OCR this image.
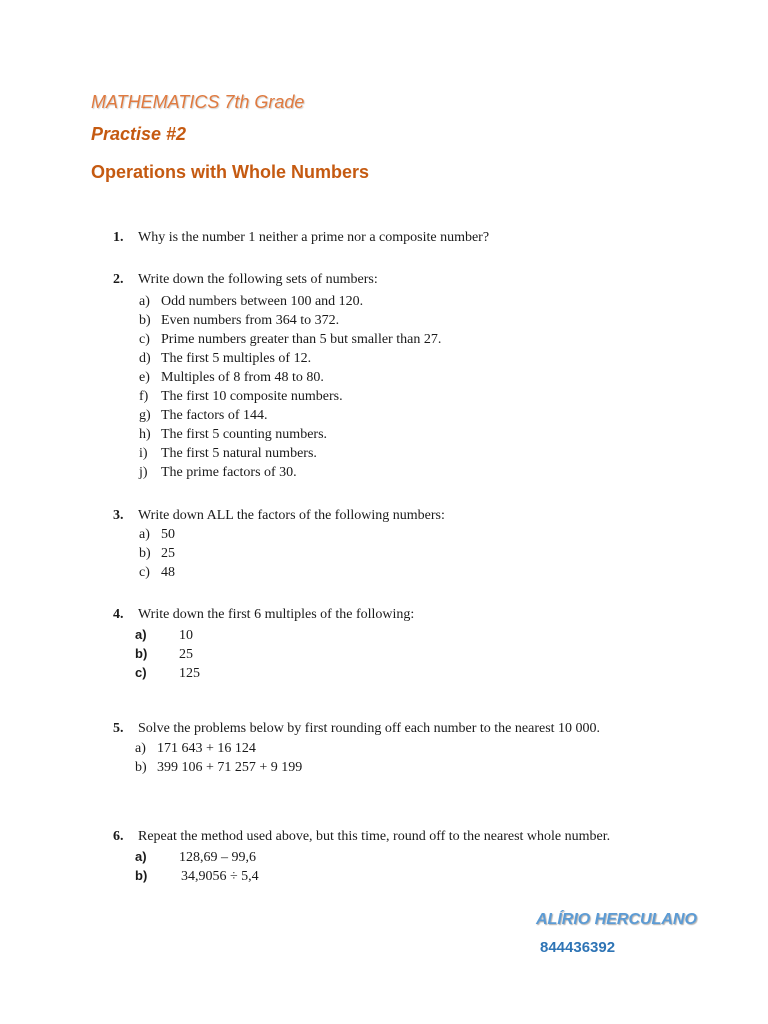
MATHEMATICS 7th Grade
Practise #2
Operations with Whole Numbers
1. Why is the number 1 neither a prime nor a composite number?
2. Write down the following sets of numbers:
a) Odd numbers between 100 and 120.
b) Even numbers from 364 to 372.
c) Prime numbers greater than 5 but smaller than 27.
d) The first 5 multiples of 12.
e) Multiples of 8 from 48 to 80.
f) The first 10 composite numbers.
g) The factors of 144.
h) The first 5 counting numbers.
i) The first 5 natural numbers.
j) The prime factors of 30.
3. Write down ALL the factors of the following numbers:
a) 50
b) 25
c) 48
4. Write down the first 6 multiples of the following:
a) 10
b) 25
c) 125
5. Solve the problems below by first rounding off each number to the nearest 10 000.
a) 171 643 + 16 124
b) 399 106 + 71 257 + 9 199
6. Repeat the method used above, but this time, round off to the nearest whole number.
a) 128,69 – 99,6
b) 34,9056 ÷ 5,4
ALÍRIO HERCULANO
844436392
